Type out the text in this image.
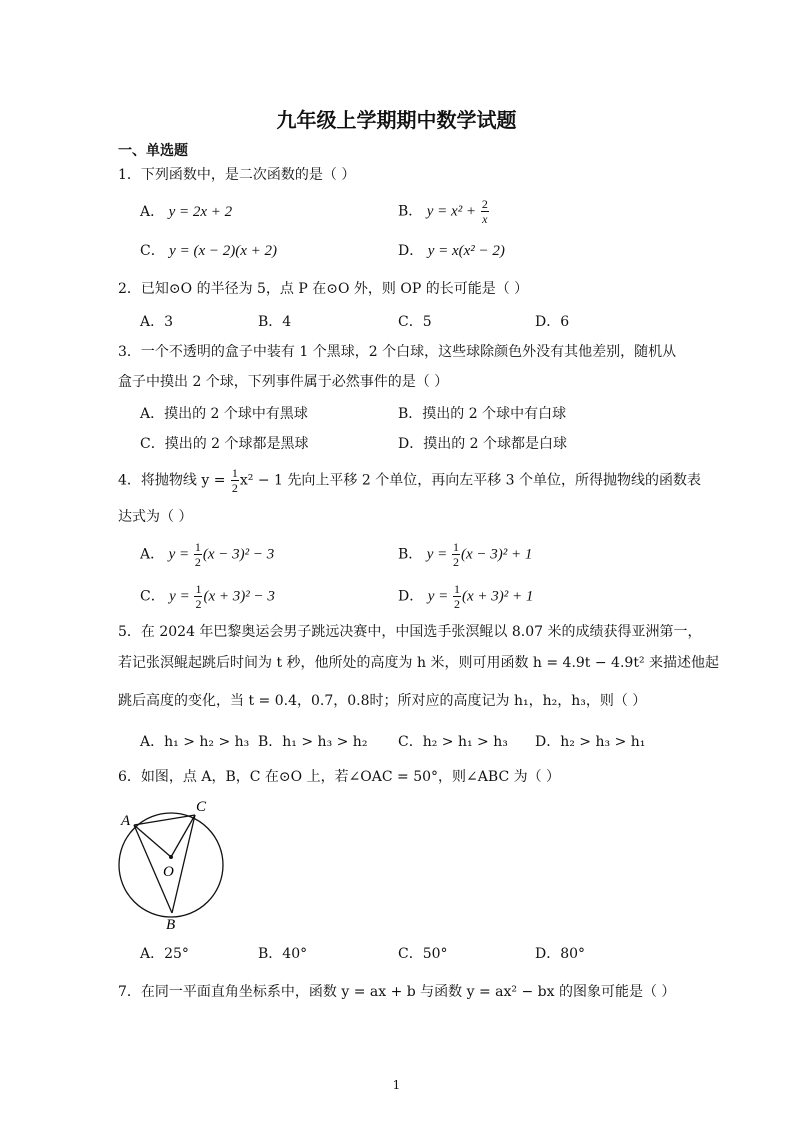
九年级上学期期中数学试题
一、单选题
1．下列函数中，是二次函数的是（ ）
A． y = 2x + 2	B． $y = x^2 + \frac{2}{x}$
C． y = (x − 2)(x + 2)	D． y = x(x² − 2)
2．已知⊙O 的半径为 5，点 P 在⊙O 外，则 OP 的长可能是（ ）
A．3	B．4	C．5	D．6
3．一个不透明的盒子中装有 1 个黑球，2 个白球，这些球除颜色外没有其他差别，随机从
盒子中摸出 2 个球，下列事件属于必然事件的是（ ）
A．摸出的 2 个球中有黑球	B．摸出的 2 个球中有白球
C．摸出的 2 个球都是黑球	D．摸出的 2 个球都是白球
4．将抛物线 $y = \frac{1}{2} x^2 - 1$ 先向上平移 2 个单位，再向左平移 3 个单位，所得抛物线的函数表
达式为（ ）
A． $y = \frac{1}{2} (x - 3)^2 - 3$	B． $y = \frac{1}{2} (x - 3)^2 + 1$
C． $y = \frac{1}{2} (x + 3)^2 - 3$	D． $y = \frac{1}{2} (x + 3)^2 + 1$
5．在 2024 年巴黎奥运会男子跳远决赛中，中国选手张溟鲲以 8.07 米的成绩获得亚洲第一，
若记张溟鲲起跳后时间为 t 秒，他所处的高度为 h 米，则可用函数 h = 4.9t − 4.9t² 来描述他起
跳后高度的变化，当 t = 0.4，0.7，0.8时；所对应的高度记为 h₁，h₂，h₃，则（ ）
A．h₁ > h₂ > h₃ B．h₁ > h₃ > h₂ C．h₂ > h₁ > h₃ D．h₂ > h₃ > h₁
6．如图，点 A，B，C 在⊙O 上，若∠OAC = 50°，则∠ABC 为（ ）
A
C
O
B
A．25°	B．40°	C．50°	D．80°
7．在同一平面直角坐标系中，函数 y = ax + b 与函数 y = ax² − bx 的图象可能是（ ）
1
